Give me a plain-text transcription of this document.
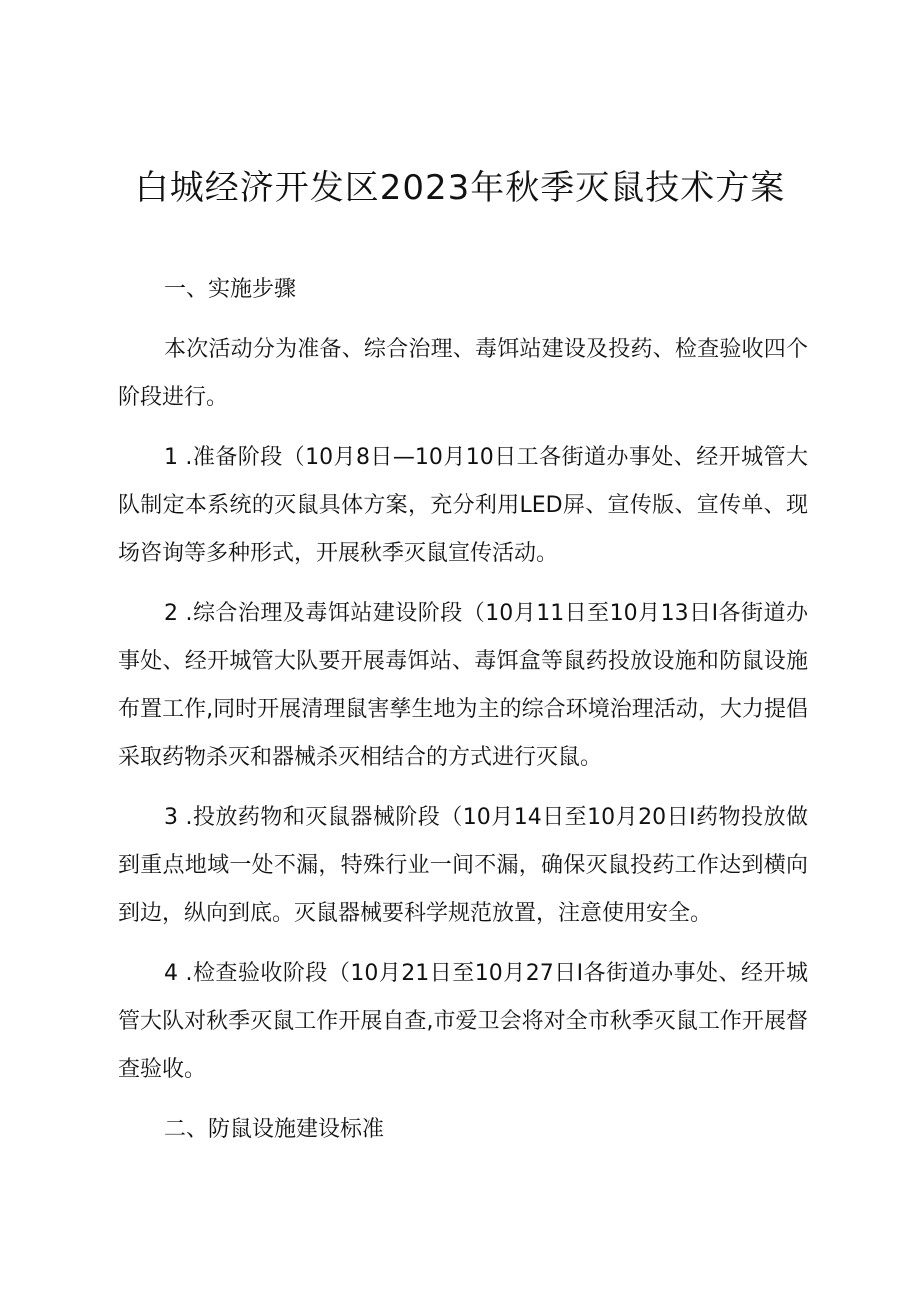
白城经济开发区2023年秋季灭鼠技术方案

一、实施步骤

本次活动分为准备、综合治理、毒饵站建设及投药、检查验收四个阶段进行。

1 .准备阶段（10月8日—10月10日工各街道办事处、经开城管大队制定本系统的灭鼠具体方案，充分利用LED屏、宣传版、宣传单、现场咨询等多种形式，开展秋季灭鼠宣传活动。

2 .综合治理及毒饵站建设阶段（10月11日至10月13日I各街道办事处、经开城管大队要开展毒饵站、毒饵盒等鼠药投放设施和防鼠设施布置工作,同时开展清理鼠害孳生地为主的综合环境治理活动，大力提倡采取药物杀灭和器械杀灭相结合的方式进行灭鼠。

3 .投放药物和灭鼠器械阶段（10月14日至10月20日I药物投放做到重点地域一处不漏，特殊行业一间不漏，确保灭鼠投药工作达到横向到边，纵向到底。灭鼠器械要科学规范放置，注意使用安全。

4 .检查验收阶段（10月21日至10月27日I各街道办事处、经开城管大队对秋季灭鼠工作开展自查,市爱卫会将对全市秋季灭鼠工作开展督查验收。

二、防鼠设施建设标准
